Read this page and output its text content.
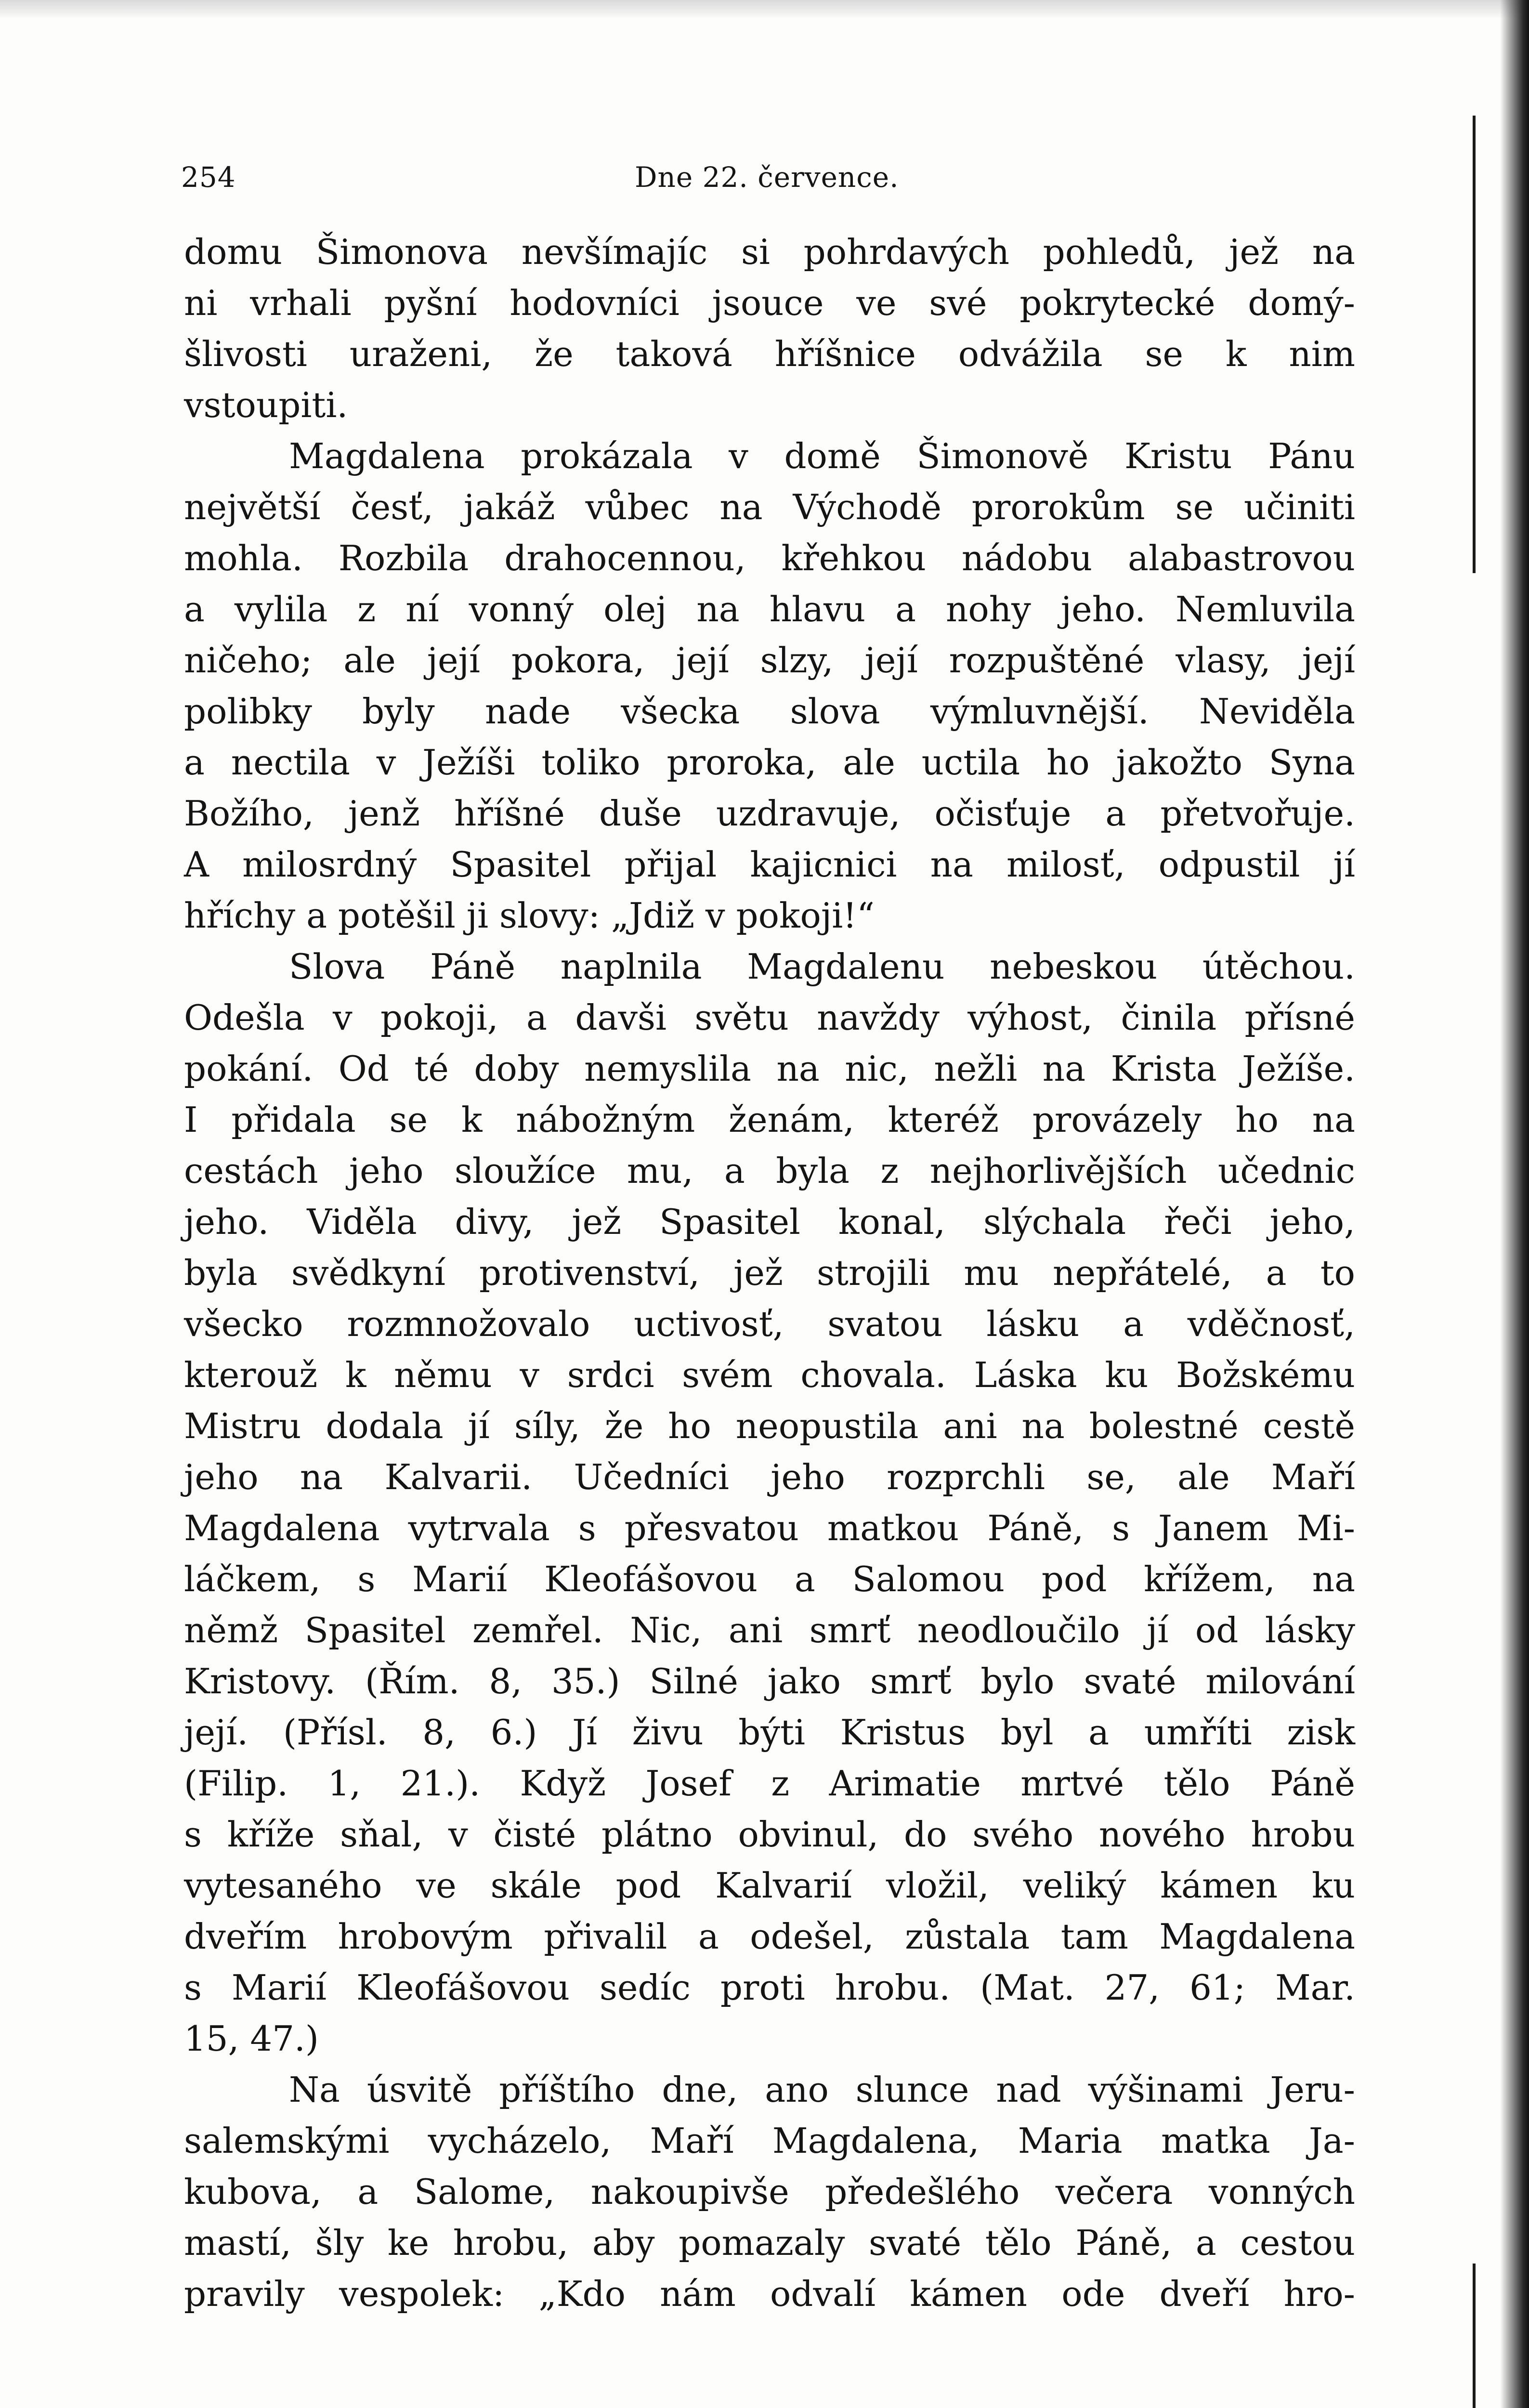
254	Dne 22. července.
domu Šimonova nevšímajíc si pohrdavých pohledů, jež na
ni vrhali pyšní hodovníci jsouce ve své pokrytecké domý-
šlivosti uraženi, že taková hříšnice odvážila se k nim
vstoupiti.
Magdalena prokázala v domě Šimonově Kristu Pánu
největší česť, jakáž vůbec na Východě prorokům se učiniti
mohla. Rozbila drahocennou, křehkou nádobu alabastrovou
a vylila z ní vonný olej na hlavu a nohy jeho. Nemluvila
ničeho; ale její pokora, její slzy, její rozpuštěné vlasy, její
polibky byly nade všecka slova výmluvnější. Neviděla
a nectila v Ježíši toliko proroka, ale uctila ho jakožto Syna
Božího, jenž hříšné duše uzdravuje, očisťuje a přetvořuje.
A milosrdný Spasitel přijal kajicnici na milosť, odpustil jí
hříchy a potěšil ji slovy: „Jdiž v pokoji!“
Slova Páně naplnila Magdalenu nebeskou útěchou.
Odešla v pokoji, a davši světu navždy výhost, činila přísné
pokání. Od té doby nemyslila na nic, nežli na Krista Ježíše.
I přidala se k nábožným ženám, kteréž provázely ho na
cestách jeho sloužíce mu, a byla z nejhorlivějších učednic
jeho. Viděla divy, jež Spasitel konal, slýchala řeči jeho,
byla svědkyní protivenství, jež strojili mu nepřátelé, a to
všecko rozmnožovalo uctivosť, svatou lásku a vděčnosť,
kterouž k němu v srdci svém chovala. Láska ku Božskému
Mistru dodala jí síly, že ho neopustila ani na bolestné cestě
jeho na Kalvarii. Učedníci jeho rozprchli se, ale Maří
Magdalena vytrvala s přesvatou matkou Páně, s Janem Mi-
láčkem, s Marií Kleofášovou a Salomou pod křížem, na
němž Spasitel zemřel. Nic, ani smrť neodloučilo jí od lásky
Kristovy. (Řím. 8, 35.) Silné jako smrť bylo svaté milování
její. (Přísl. 8, 6.) Jí živu býti Kristus byl a umříti zisk
(Filip. 1, 21.). Když Josef z Arimatie mrtvé tělo Páně
s kříže sňal, v čisté plátno obvinul, do svého nového hrobu
vytesaného ve skále pod Kalvarií vložil, veliký kámen ku
dveřím hrobovým přivalil a odešel, zůstala tam Magdalena
s Marií Kleofášovou sedíc proti hrobu. (Mat. 27, 61; Mar.
15, 47.)
Na úsvitě příštího dne, ano slunce nad výšinami Jeru-
salemskými vycházelo, Maří Magdalena, Maria matka Ja-
kubova, a Salome, nakoupivše předešlého večera vonných
mastí, šly ke hrobu, aby pomazaly svaté tělo Páně, a cestou
pravily vespolek: „Kdo nám odvalí kámen ode dveří hro-
